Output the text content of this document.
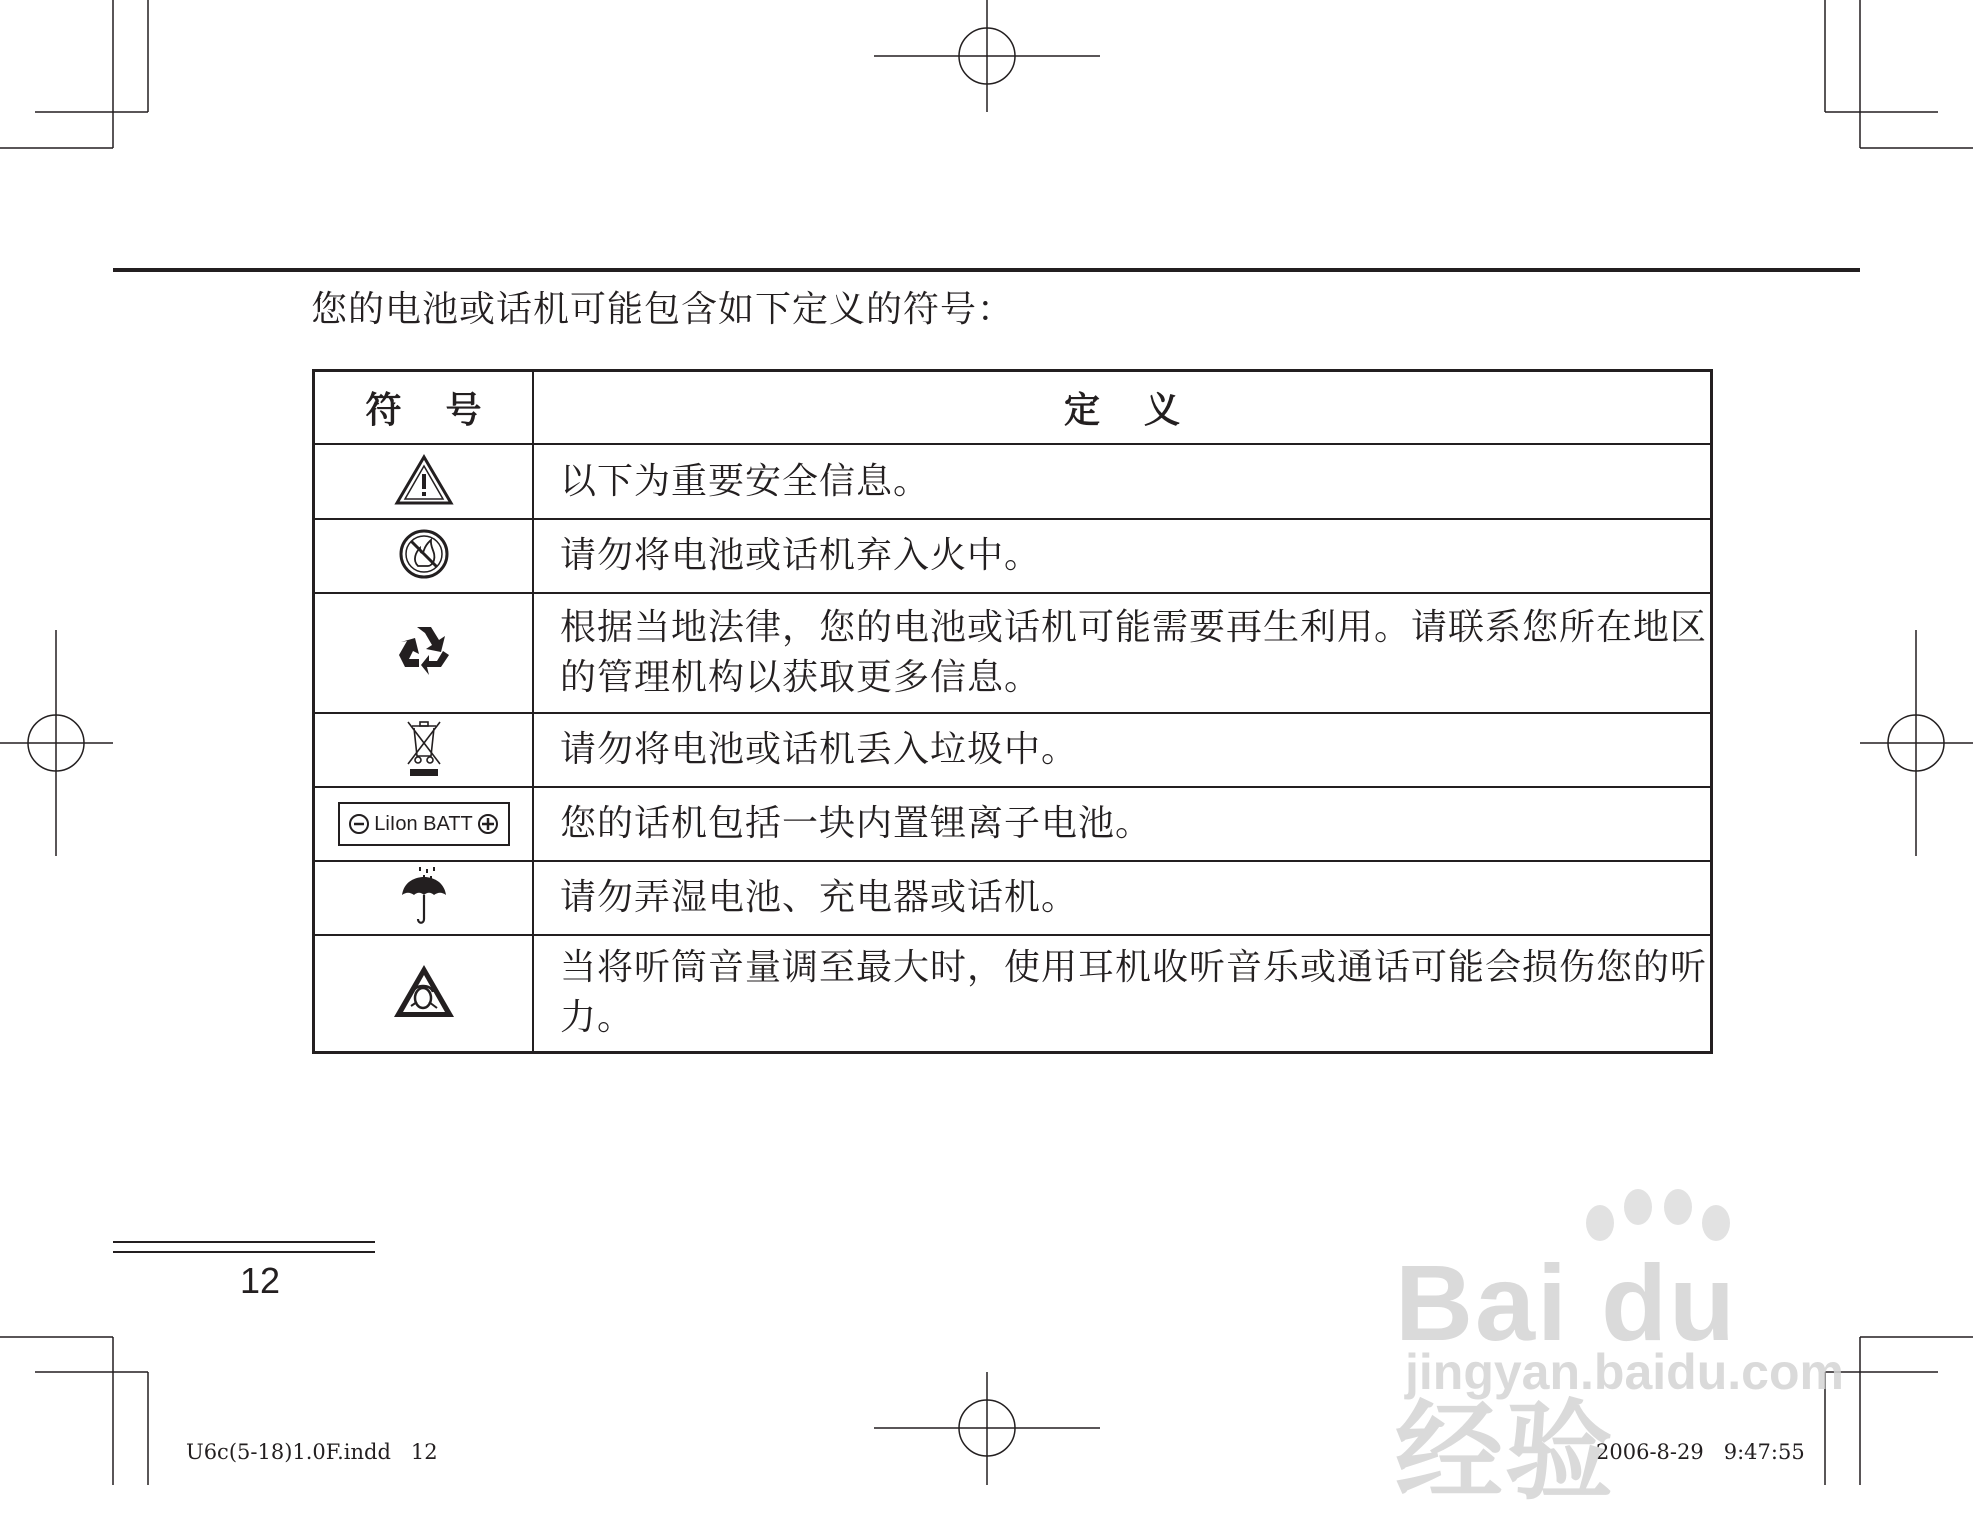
您的电池或话机可能包含如下定义的符号：
符 号	定 义
	以下为重要安全信息。
	请勿将电池或话机弃入火中。
	根据当地法律，您的电池或话机可能需要再生利用。请联系您所在地区的管理机构以获取更多信息。
	请勿将电池或话机丢入垃圾中。

LiIon BATT	您的话机包括一块内置锂离子电池。
	请勿弄湿电池、充电器或话机。
	当将听筒音量调至最大时，使用耳机收听音乐或通话可能会损伤您的听力。
12
U6c(5-18)1.0F.indd   12	2006-8-29   9:47:55
Bai du 经验
jingyan.baidu.com
